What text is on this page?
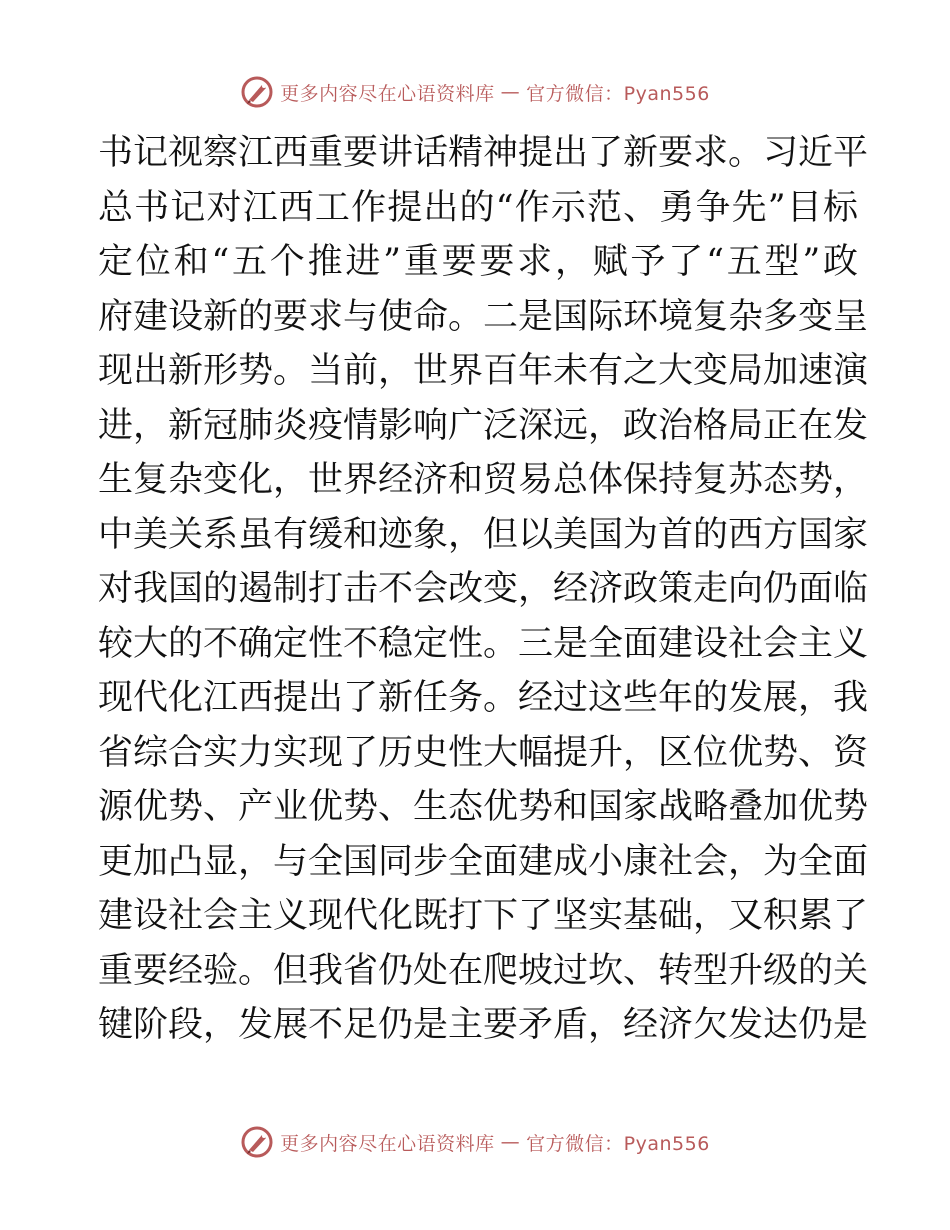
更多内容尽在心语资料库 — 官方微信：Pyan556
书记视察江西重要讲话精神提出了新要求。习近平
总书记对江西工作提出的“作示范、勇争先”目标
定位和“五个推进”重要要求，赋予了“五型”政
府建设新的要求与使命。二是国际环境复杂多变呈
现出新形势。当前，世界百年未有之大变局加速演
进，新冠肺炎疫情影响广泛深远，政治格局正在发
生复杂变化，世界经济和贸易总体保持复苏态势，
中美关系虽有缓和迹象，但以美国为首的西方国家
对我国的遏制打击不会改变，经济政策走向仍面临
较大的不确定性不稳定性。三是全面建设社会主义
现代化江西提出了新任务。经过这些年的发展，我
省综合实力实现了历史性大幅提升，区位优势、资
源优势、产业优势、生态优势和国家战略叠加优势
更加凸显，与全国同步全面建成小康社会，为全面
建设社会主义现代化既打下了坚实基础，又积累了
重要经验。但我省仍处在爬坡过坎、转型升级的关
键阶段，发展不足仍是主要矛盾，经济欠发达仍是
更多内容尽在心语资料库 — 官方微信：Pyan556
